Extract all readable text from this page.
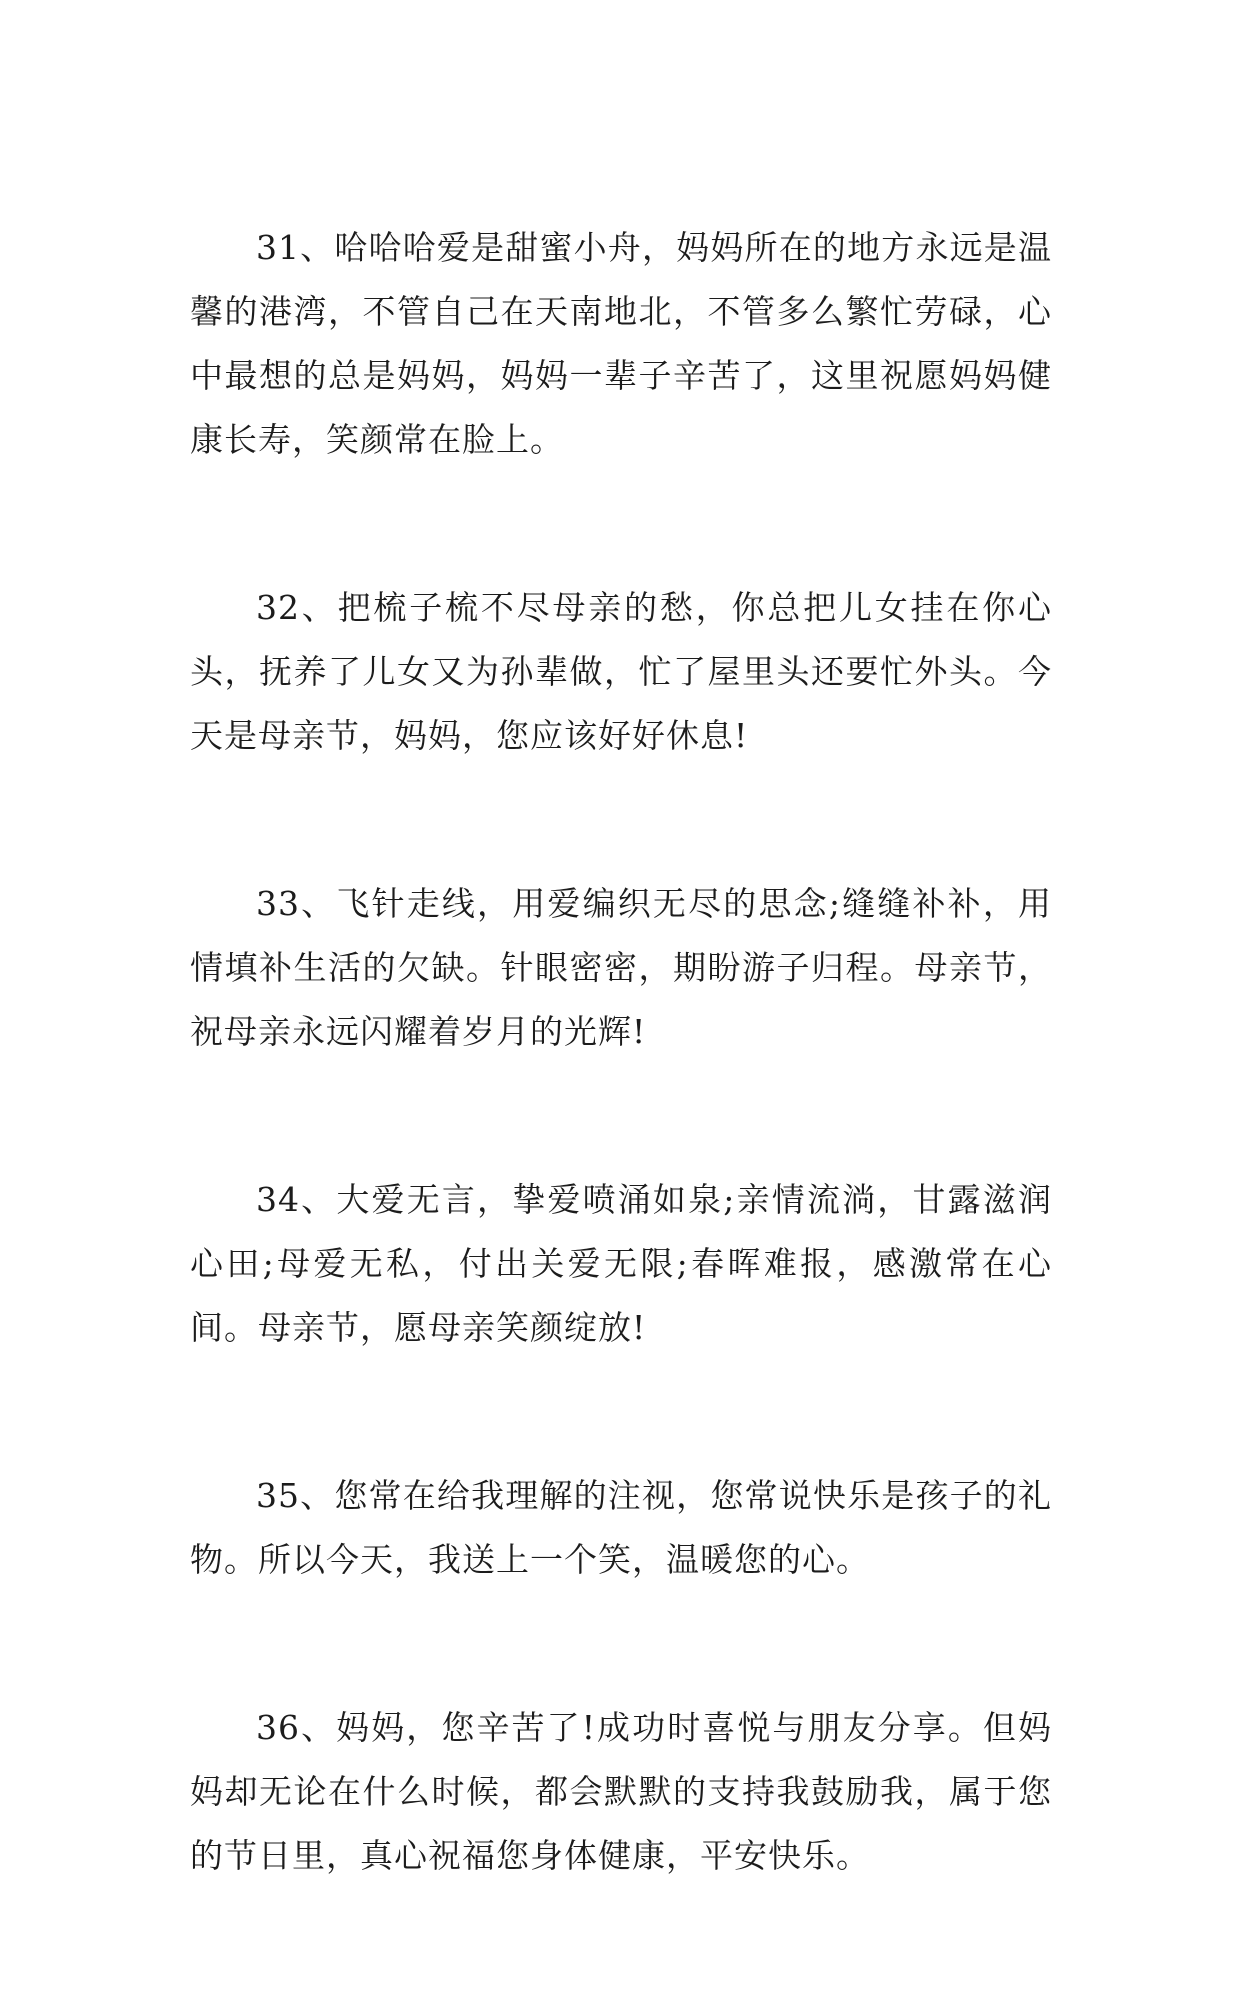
31、哈哈哈爱是甜蜜小舟，妈妈所在的地方永远是温馨的港湾，不管自己在天南地北，不管多么繁忙劳碌，心中最想的总是妈妈，妈妈一辈子辛苦了，这里祝愿妈妈健康长寿，笑颜常在脸上。

32、把梳子梳不尽母亲的愁，你总把儿女挂在你心头，抚养了儿女又为孙辈做，忙了屋里头还要忙外头。今天是母亲节，妈妈，您应该好好休息!

33、飞针走线，用爱编织无尽的思念;缝缝补补，用情填补生活的欠缺。针眼密密，期盼游子归程。母亲节，祝母亲永远闪耀着岁月的光辉!

34、大爱无言，挚爱喷涌如泉;亲情流淌，甘露滋润心田;母爱无私，付出关爱无限;春晖难报，感激常在心间。母亲节，愿母亲笑颜绽放!

35、您常在给我理解的注视，您常说快乐是孩子的礼物。所以今天，我送上一个笑，温暖您的心。

36、妈妈，您辛苦了!成功时喜悦与朋友分享。但妈妈却无论在什么时候，都会默默的支持我鼓励我，属于您的节日里，真心祝福您身体健康，平安快乐。
